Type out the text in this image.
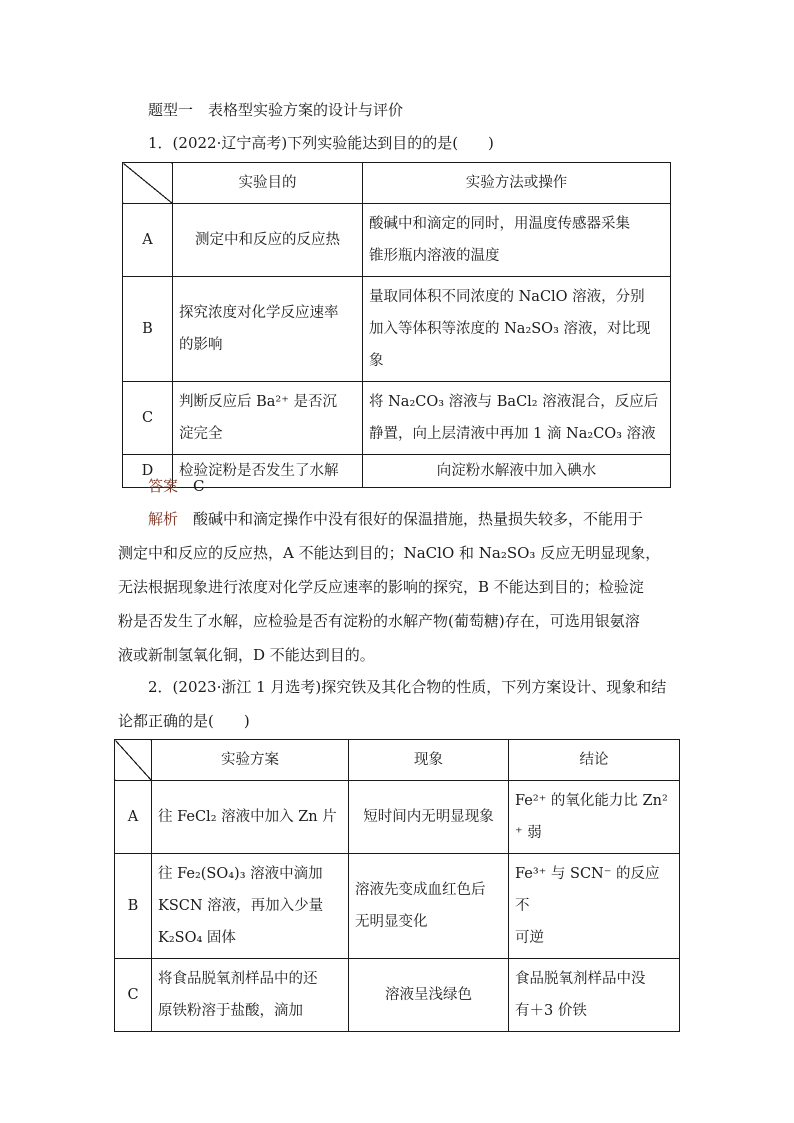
题型一　表格型实验方案的设计与评价
1．(2022·辽宁高考)下列实验能达到目的的是(　　)
	实验目的	实验方法或操作
A	测定中和反应的反应热	酸碱中和滴定的同时，用温度传感器采集
锥形瓶内溶液的温度
B	探究浓度对化学反应速率
的影响	量取同体积不同浓度的 NaClO 溶液，分别
加入等体积等浓度的 Na₂SO₃ 溶液，对比现
象
C	判断反应后 Ba²⁺ 是否沉
淀完全	将 Na₂CO₃ 溶液与 BaCl₂ 溶液混合，反应后
静置，向上层清液中再加 1 滴 Na₂CO₃ 溶液
D	检验淀粉是否发生了水解	向淀粉水解液中加入碘水
答案　 C
解析　 酸碱中和滴定操作中没有很好的保温措施，热量损失较多，不能用于
测定中和反应的反应热，A 不能达到目的；NaClO 和 Na₂SO₃ 反应无明显现象，
无法根据现象进行浓度对化学反应速率的影响的探究，B 不能达到目的；检验淀
粉是否发生了水解，应检验是否有淀粉的水解产物(葡萄糖)存在，可选用银氨溶
液或新制氢氧化铜，D 不能达到目的。
2．(2023·浙江 1 月选考)探究铁及其化合物的性质，下列方案设计、现象和结
论都正确的是(　　)
	实验方案	现象	结论
A	往 FeCl₂ 溶液中加入 Zn 片	短时间内无明显现象	Fe²⁺ 的氧化能力比 Zn²
⁺ 弱
B	往 Fe₂(SO₄)₃ 溶液中滴加
KSCN 溶液，再加入少量
K₂SO₄ 固体	溶液先变成血红色后
无明显变化	Fe³⁺ 与 SCN⁻ 的反应不
可逆
C	将食品脱氧剂样品中的还
原铁粉溶于盐酸，滴加	溶液呈浅绿色	食品脱氧剂样品中没
有＋3 价铁
